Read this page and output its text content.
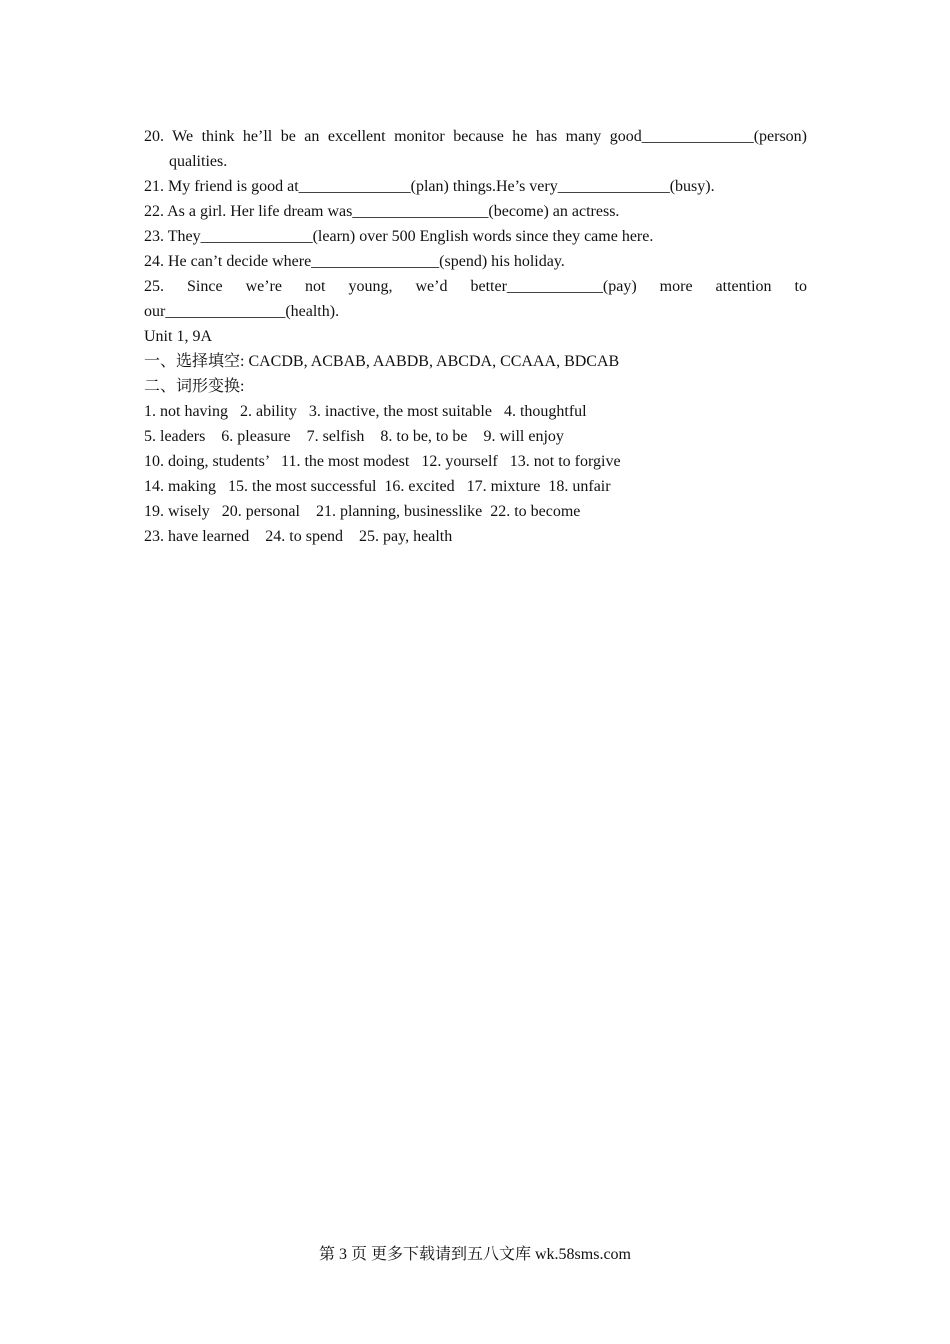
20. We think he’ll be an excellent monitor because he has many good______________(person)
qualities.
21. My friend is good at______________(plan) things.He’s very______________(busy).
22. As a girl. Her life dream was_________________(become) an actress.
23. They______________(learn) over 500 English words since they came here.
24. He can’t decide where________________(spend) his holiday.
25. Since we’re not young, we’d better____________(pay) more attention to
our_______________(health).
Unit 1, 9A
一、选择填空: CACDB, ACBAB, AABDB, ABCDA, CCAAA, BDCAB
二、词形变换:
1. not having   2. ability   3. inactive, the most suitable   4. thoughtful
5. leaders    6. pleasure    7. selfish    8. to be, to be    9. will enjoy
10. doing, students’   11. the most modest   12. yourself   13. not to forgive
14. making   15. the most successful  16. excited   17. mixture  18. unfair
19. wisely   20. personal    21. planning, businesslike  22. to become
23. have learned    24. to spend    25. pay, health
第 3 页 更多下载请到五八文库 wk.58sms.com
